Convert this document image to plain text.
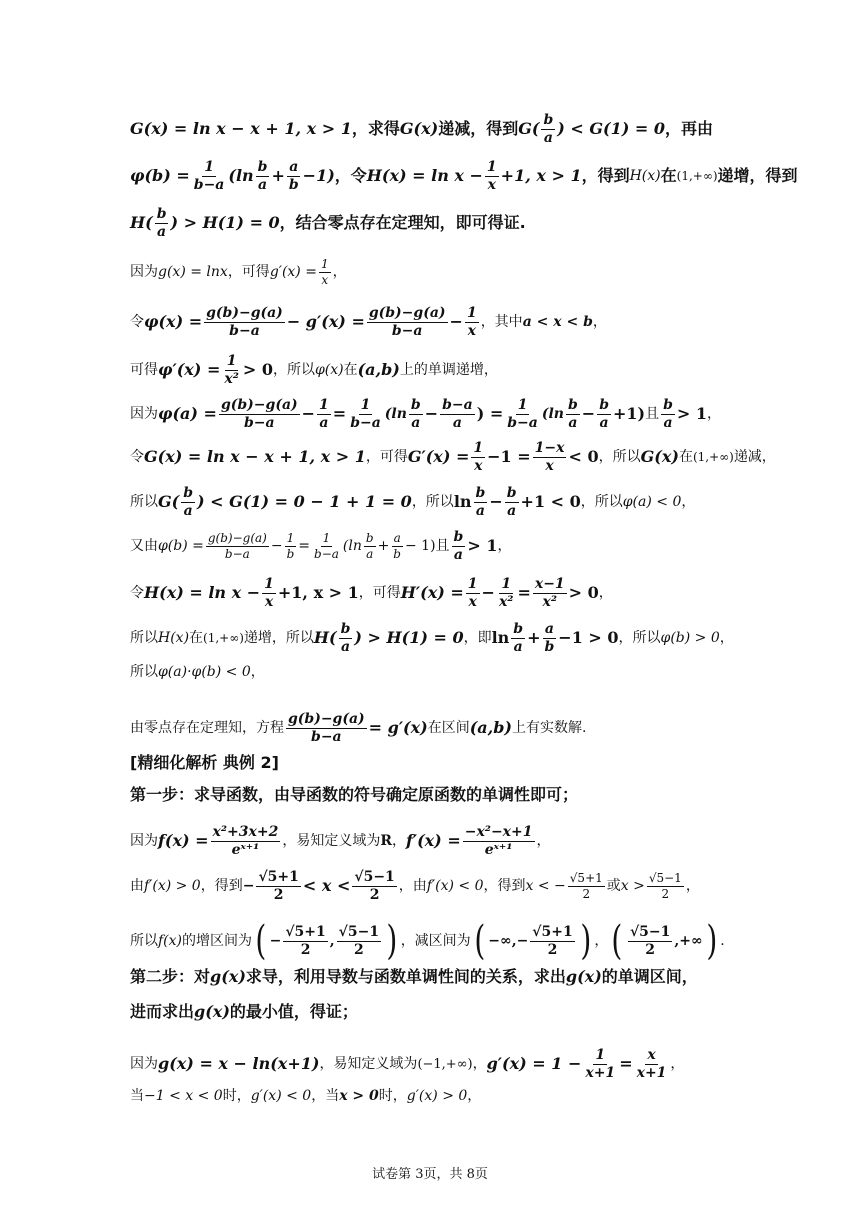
G(x) = ln x − x + 1, x > 1 ，求得 G(x) 递减，得到 $G( \frac{b}{a}$ ) < G(1) = 0 ，再由
$\varphi(b) = \frac{1}{b-a} (\ln \frac{b}{a} + \frac{a}{b} -1)$ ，令 $H(x) = \ln x - \frac{1}{x} +1$, x > 1 ，得到 H(x) 在 (1,+∞) 递增，得到
$H( \frac{b}{a}$ ) > H(1) = 0 ，结合零点存在定理知，即可得证.
因为 g(x) = lnx ，可得 $g'(x) = \frac{1}{x}$ ，
令 $\varphi(x) = \frac{g(b)-g(a)}{b-a} - g'(x) = \frac{g(b)-g(a)}{b-a} - \frac{1}{x}$ ，其中 a < x < b ，
可得 $\varphi'(x) = \frac{1}{\text{x²}} > 0$ ，所以 φ(x) 在 (a,b) 上的单调递增，
因为 $\varphi(a) = \frac{g(b)-g(a)}{b-a} - \frac{1}{a} = \frac{1}{b-a} (\ln \frac{b}{a} - \frac{b-a}{a}$ ) = $\frac{1}{b-a} (\ln \frac{b}{a} - \frac{b}{a} +1)$ 且 $\frac{b}{a} > 1$ ，
令 G(x) = ln x − x + 1, x > 1 ，可得 $G'(x) = \frac{1}{x} -1 = \frac{1-x}{x} < 0$ ，所以 G(x) 在 (1,+∞) 递减，
所以 $G( \frac{b}{a}$ ) < G(1) = 0 − 1 + 1 = 0 ，所以 $\ln \frac{b}{a} - \frac{b}{a} +1 < 0$ ，所以 φ(a) < 0 ，
又由 $\varphi(b) = \frac{g(b)-g(a)}{b-a} - \frac{1}{b} = \frac{1}{b-a} (\ln \frac{b}{a} + \frac{a}{b} - 1)$ 且 $\frac{b}{a} > 1$ ，
令 $H(x) = \ln x - \frac{1}{x} +1$, x > 1 ，可得 $H'(x) = \frac{1}{x} - \frac{1}{\text{x²}} = \frac{x-1}{\text{x²}} > 0$ ，
所以 H(x) 在 (1,+∞) 递增，所以 $H( \frac{b}{a}$ ) > H(1) = 0 ，即 $\ln \frac{b}{a} + \frac{a}{b} -1 > 0$ ，所以 φ(b) > 0 ，
所以 φ(a)·φ(b) < 0 ，
由零点存在定理知，方程 $\frac{g(b)-g(a)}{b-a} = g'(x)$ 在区间 (a,b) 上有实数解.
[精细化解析 典例 2]
第一步：求导函数，由导函数的符号确定原函数的单调性即可；
因为 $f(x) = \frac{\text{x²+3x+2}}{\text{eˣ⁺¹}}$ ，易知定义域为 R ， $f'(x) = \frac{\text{−x²−x+1}}{\text{eˣ⁺¹}}$ ，
由 f′(x) > 0 ，得到 − $\frac{√5+1}{2} < x < \frac{√5-1}{2}$ ，由 f′(x) < 0 ，得到 x < − $\frac{√5+1}{2}$ 或 $x > \frac{√5-1}{2}$ ，
所以 f(x) 的增区间为 ( − $\frac{√5+1}{2}$ , $\frac{√5-1}{2}$ ) ，减区间为 ( −∞,− $\frac{√5+1}{2}$ ) ， ( $\frac{√5-1}{2}$ ,+∞ ) .
第二步：对 g(x) 求导，利用导数与函数单调性间的关系，求出 g(x) 的单调区间，
进而求出 g(x) 的最小值，得证；
因为 g(x) = x − ln(x+1) ，易知定义域为 (−1,+∞) ， $g'(x) = 1 - \frac{1}{x+1} = \frac{x}{x+1}$ ，
当 −1 < x < 0 时， g′(x) < 0 ，当 x > 0 时， g′(x) > 0 ，
试卷第 3页，共 8页
